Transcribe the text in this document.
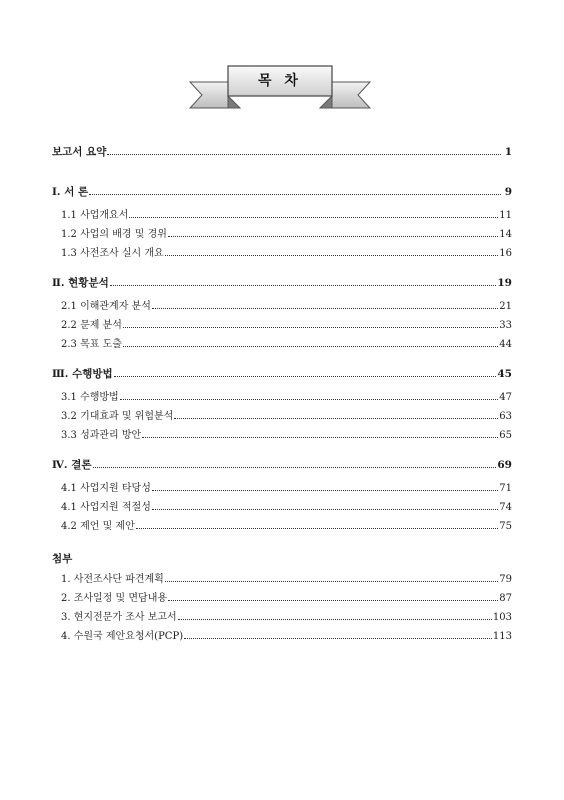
목 차
보고서 요약	1
Ⅰ. 서 론	9
1.1 사업개요서	11
1.2 사업의 배경 및 경위	14
1.3 사전조사 실시 개요	16
Ⅱ. 현황분석	19
2.1 이해관계자 분석	21
2.2 문제 분석	33
2.3 목표 도출	44
Ⅲ. 수행방법	45
3.1 수행방법	47
3.2 기대효과 및 위험분석	63
3.3 성과관리 방안	65
Ⅳ. 결론	69
4.1 사업지원 타당성	71
4.1 사업지원 적절성	74
4.2 제언 및 제안	75
첨부
1. 사전조사단 파견계획	79
2. 조사일정 및 면담내용	87
3. 현지전문가 조사 보고서	103
4. 수원국 제안요청서(PCP)	113
